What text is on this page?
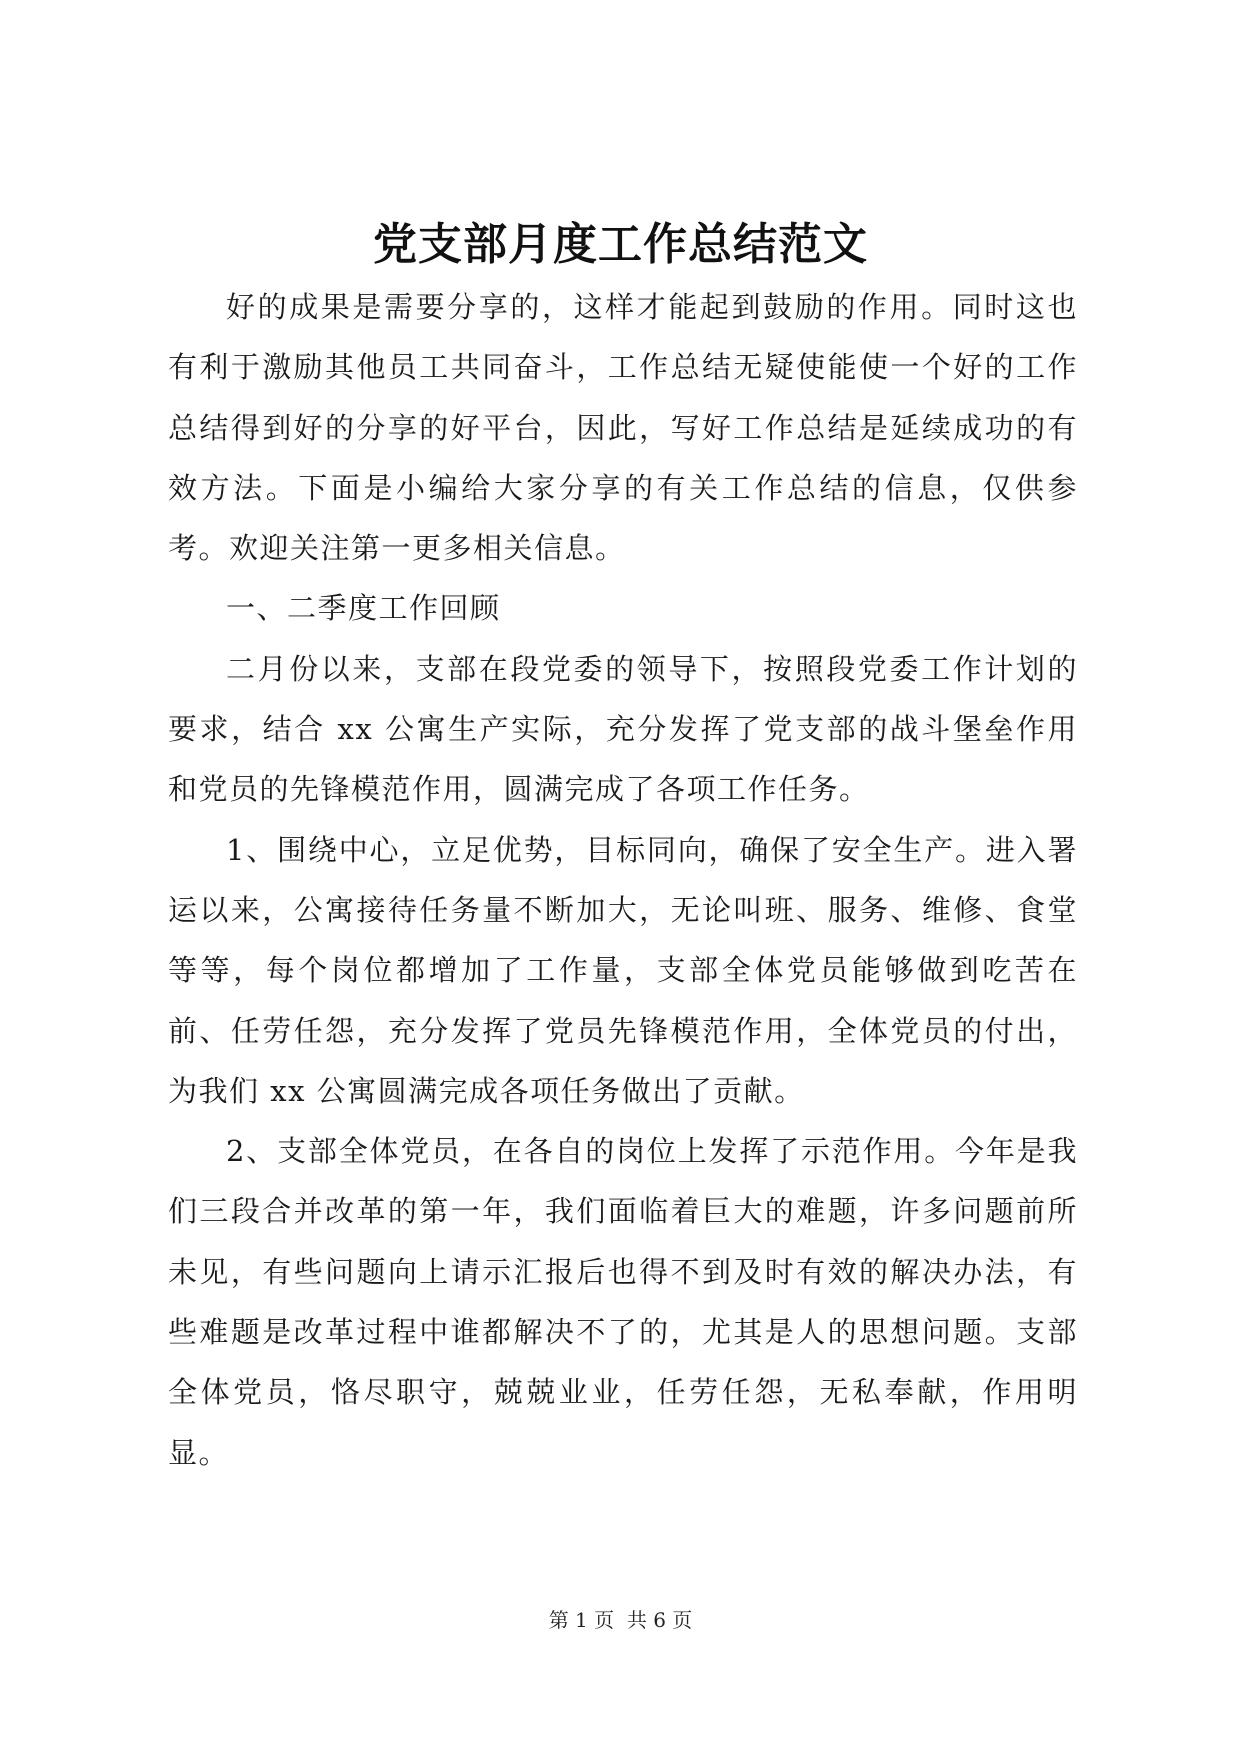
党支部月度工作总结范文

好的成果是需要分享的，这样才能起到鼓励的作用。同时这也有利于激励其他员工共同奋斗，工作总结无疑使能使一个好的工作总结得到好的分享的好平台，因此，写好工作总结是延续成功的有效方法。下面是小编给大家分享的有关工作总结的信息，仅供参考。欢迎关注第一更多相关信息。

一、二季度工作回顾

二月份以来，支部在段党委的领导下，按照段党委工作计划的要求，结合 xx 公寓生产实际，充分发挥了党支部的战斗堡垒作用和党员的先锋模范作用，圆满完成了各项工作任务。

1、围绕中心，立足优势，目标同向，确保了安全生产。进入署运以来，公寓接待任务量不断加大，无论叫班、服务、维修、食堂等等，每个岗位都增加了工作量，支部全体党员能够做到吃苦在前、任劳任怨，充分发挥了党员先锋模范作用，全体党员的付出，为我们 xx 公寓圆满完成各项任务做出了贡献。

2、支部全体党员，在各自的岗位上发挥了示范作用。今年是我们三段合并改革的第一年，我们面临着巨大的难题，许多问题前所未见，有些问题向上请示汇报后也得不到及时有效的解决办法，有些难题是改革过程中谁都解决不了的，尤其是人的思想问题。支部全体党员，恪尽职守，兢兢业业，任劳任怨，无私奉献，作用明显。

第 1 页  共 6 页
